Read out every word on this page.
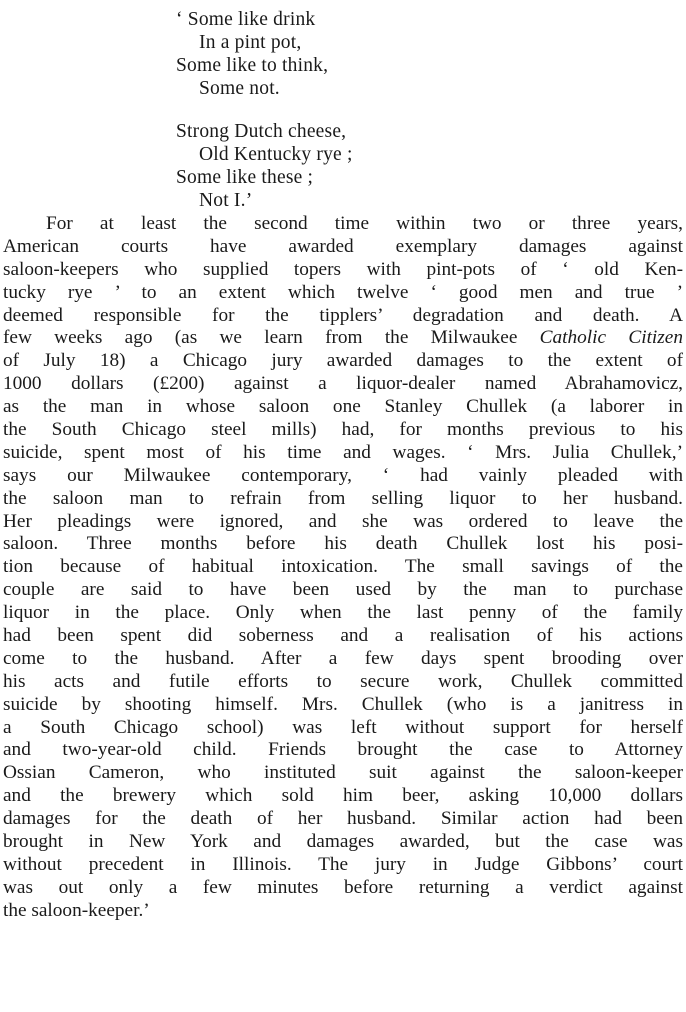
‘ Some like drink
In a pint pot,
Some like to think,
Some not.
Strong Dutch cheese,
Old Kentucky rye ;
Some like these ;
Not I.’
For at least the second time within two or three years,
American courts have awarded exemplary damages against
saloon-keepers who supplied topers with pint-pots of ‘ old Ken-
tucky rye ’ to an extent which twelve ‘ good men and true ’
deemed responsible for the tipplers’ degradation and death. A
few weeks ago (as we learn from the Milwaukee Catholic Citizen
of July 18) a Chicago jury awarded damages to the extent of
1000 dollars (£200) against a liquor-dealer named Abrahamovicz,
as the man in whose saloon one Stanley Chullek (a laborer in
the South Chicago steel mills) had, for months previous to his
suicide, spent most of his time and wages. ‘ Mrs. Julia Chullek,’
says our Milwaukee contemporary, ‘ had vainly pleaded with
the saloon man to refrain from selling liquor to her husband.
Her pleadings were ignored, and she was ordered to leave the
saloon. Three months before his death Chullek lost his posi-
tion because of habitual intoxication. The small savings of the
couple are said to have been used by the man to purchase
liquor in the place. Only when the last penny of the family
had been spent did soberness and a realisation of his actions
come to the husband. After a few days spent brooding over
his acts and futile efforts to secure work, Chullek committed
suicide by shooting himself. Mrs. Chullek (who is a janitress in
a South Chicago school) was left without support for herself
and two-year-old child. Friends brought the case to Attorney
Ossian Cameron, who instituted suit against the saloon-keeper
and the brewery which sold him beer, asking 10,000 dollars
damages for the death of her husband. Similar action had been
brought in New York and damages awarded, but the case was
without precedent in Illinois. The jury in Judge Gibbons’ court
was out only a few minutes before returning a verdict against
the saloon-keeper.’
